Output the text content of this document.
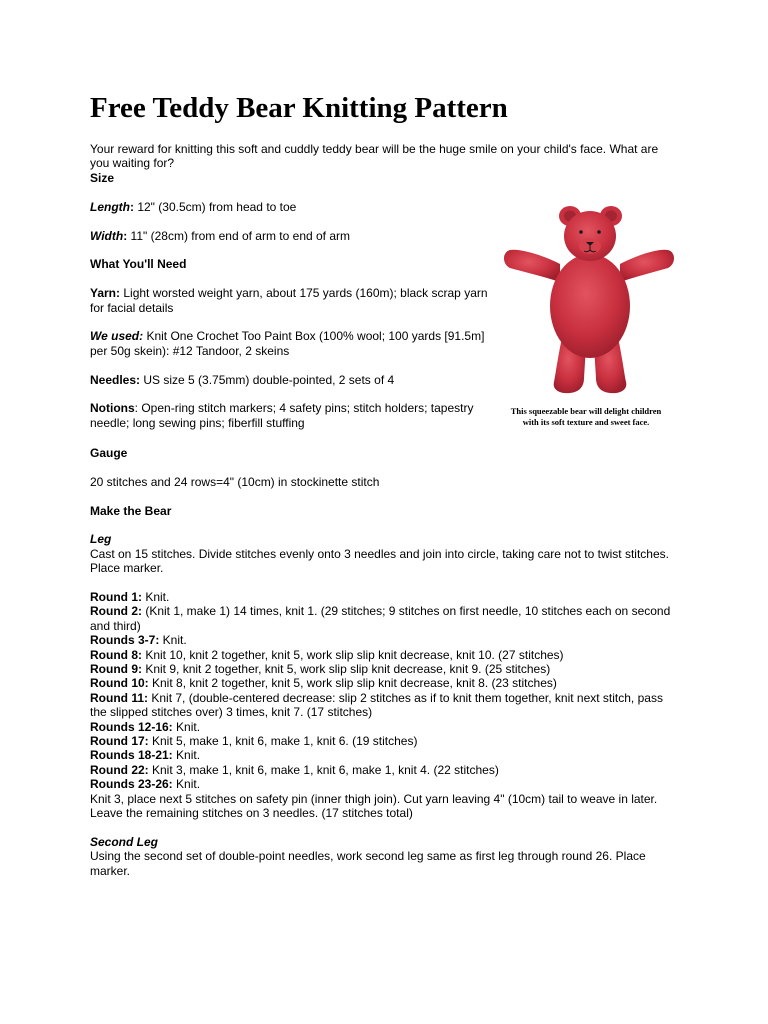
Free Teddy Bear Knitting Pattern

Your reward for knitting this soft and cuddly teddy bear will be the huge smile on your child's face. What are you waiting for?

Size

Length: 12" (30.5cm) from head to toe

Width: 11" (28cm) from end of arm to end of arm

What You'll Need

Yarn: Light worsted weight yarn, about 175 yards (160m); black scrap yarn for facial details

We used: Knit One Crochet Too Paint Box (100% wool; 100 yards [91.5m] per 50g skein): #12 Tandoor, 2 skeins

Needles: US size 5 (3.75mm) double-pointed, 2 sets of 4

Notions: Open-ring stitch markers; 4 safety pins; stitch holders; tapestry needle; long sewing pins; fiberfill stuffing

This squeezable bear will delight children with its soft texture and sweet face.

Gauge

20 stitches and 24 rows=4" (10cm) in stockinette stitch

Make the Bear

Leg

Cast on 15 stitches. Divide stitches evenly onto 3 needles and join into circle, taking care not to twist stitches. Place marker.

Round 1: Knit.

Round 2: (Knit 1, make 1) 14 times, knit 1. (29 stitches; 9 stitches on first needle, 10 stitches each on second and third)

Rounds 3-7: Knit.

Round 8: Knit 10, knit 2 together, knit 5, work slip slip knit decrease, knit 10. (27 stitches)

Round 9: Knit 9, knit 2 together, knit 5, work slip slip knit decrease, knit 9. (25 stitches)

Round 10: Knit 8, knit 2 together, knit 5, work slip slip knit decrease, knit 8. (23 stitches)

Round 11: Knit 7, (double-centered decrease: slip 2 stitches as if to knit them together, knit next stitch, pass the slipped stitches over) 3 times, knit 7. (17 stitches)

Rounds 12-16: Knit.

Round 17: Knit 5, make 1, knit 6, make 1, knit 6. (19 stitches)

Rounds 18-21: Knit.

Round 22: Knit 3, make 1, knit 6, make 1, knit 6, make 1, knit 4. (22 stitches)

Rounds 23-26: Knit.

Knit 3, place next 5 stitches on safety pin (inner thigh join). Cut yarn leaving 4" (10cm) tail to weave in later. Leave the remaining stitches on 3 needles. (17 stitches total)

Second Leg

Using the second set of double-point needles, work second leg same as first leg through round 26. Place marker.
